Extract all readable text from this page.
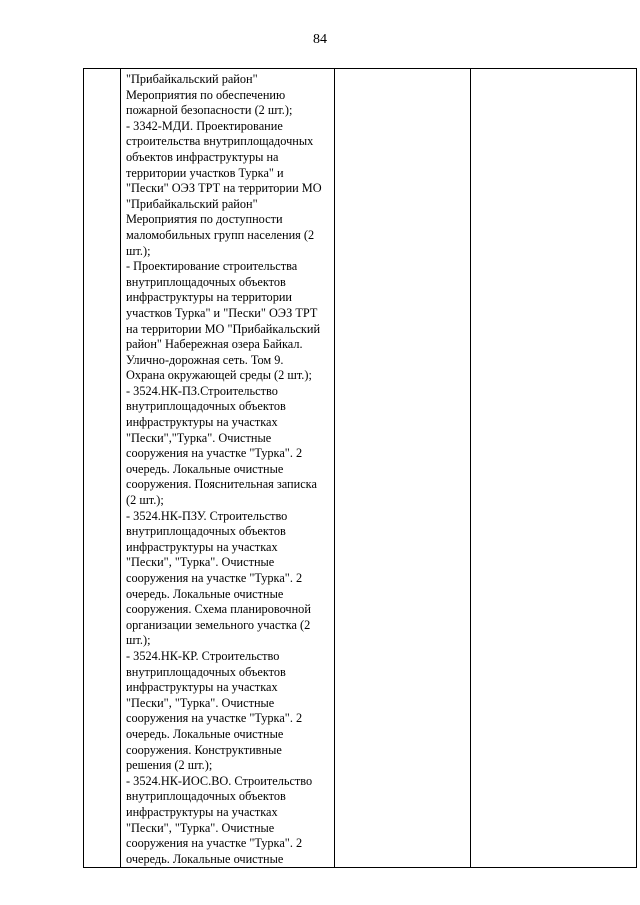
84

"Прибайкальский район"
Мероприятия по обеспечению
пожарной безопасности (2 шт.);
- 3342-МДИ. Проектирование
строительства внутриплощадочных
объектов инфраструктуры на
территории участков Турка" и
"Пески" ОЭЗ ТРТ на территории МО
"Прибайкальский район"
Мероприятия по доступности
маломобильных групп населения (2
шт.);
- Проектирование строительства
внутриплощадочных объектов
инфраструктуры на территории
участков Турка" и "Пески" ОЭЗ ТРТ
на территории МО "Прибайкальский
район" Набережная озера Байкал.
Улично-дорожная сеть. Том 9.
Охрана окружающей среды (2 шт.);
- 3524.НК-ПЗ.Строительство
внутриплощадочных объектов
инфраструктуры на участках
"Пески","Турка". Очистные
сооружения на участке "Турка". 2
очередь. Локальные очистные
сооружения. Пояснительная записка
(2 шт.);
- 3524.НК-ПЗУ. Строительство
внутриплощадочных объектов
инфраструктуры на участках
"Пески", "Турка". Очистные
сооружения на участке "Турка". 2
очередь. Локальные очистные
сооружения. Схема планировочной
организации земельного участка (2
шт.);
- 3524.НК-КР. Строительство
внутриплощадочных объектов
инфраструктуры на участках
"Пески", "Турка". Очистные
сооружения на участке "Турка". 2
очередь. Локальные очистные
сооружения. Конструктивные
решения (2 шт.);
- 3524.НК-ИОС.ВО. Строительство
внутриплощадочных объектов
инфраструктуры на участках
"Пески", "Турка". Очистные
сооружения на участке "Турка". 2
очередь. Локальные очистные
